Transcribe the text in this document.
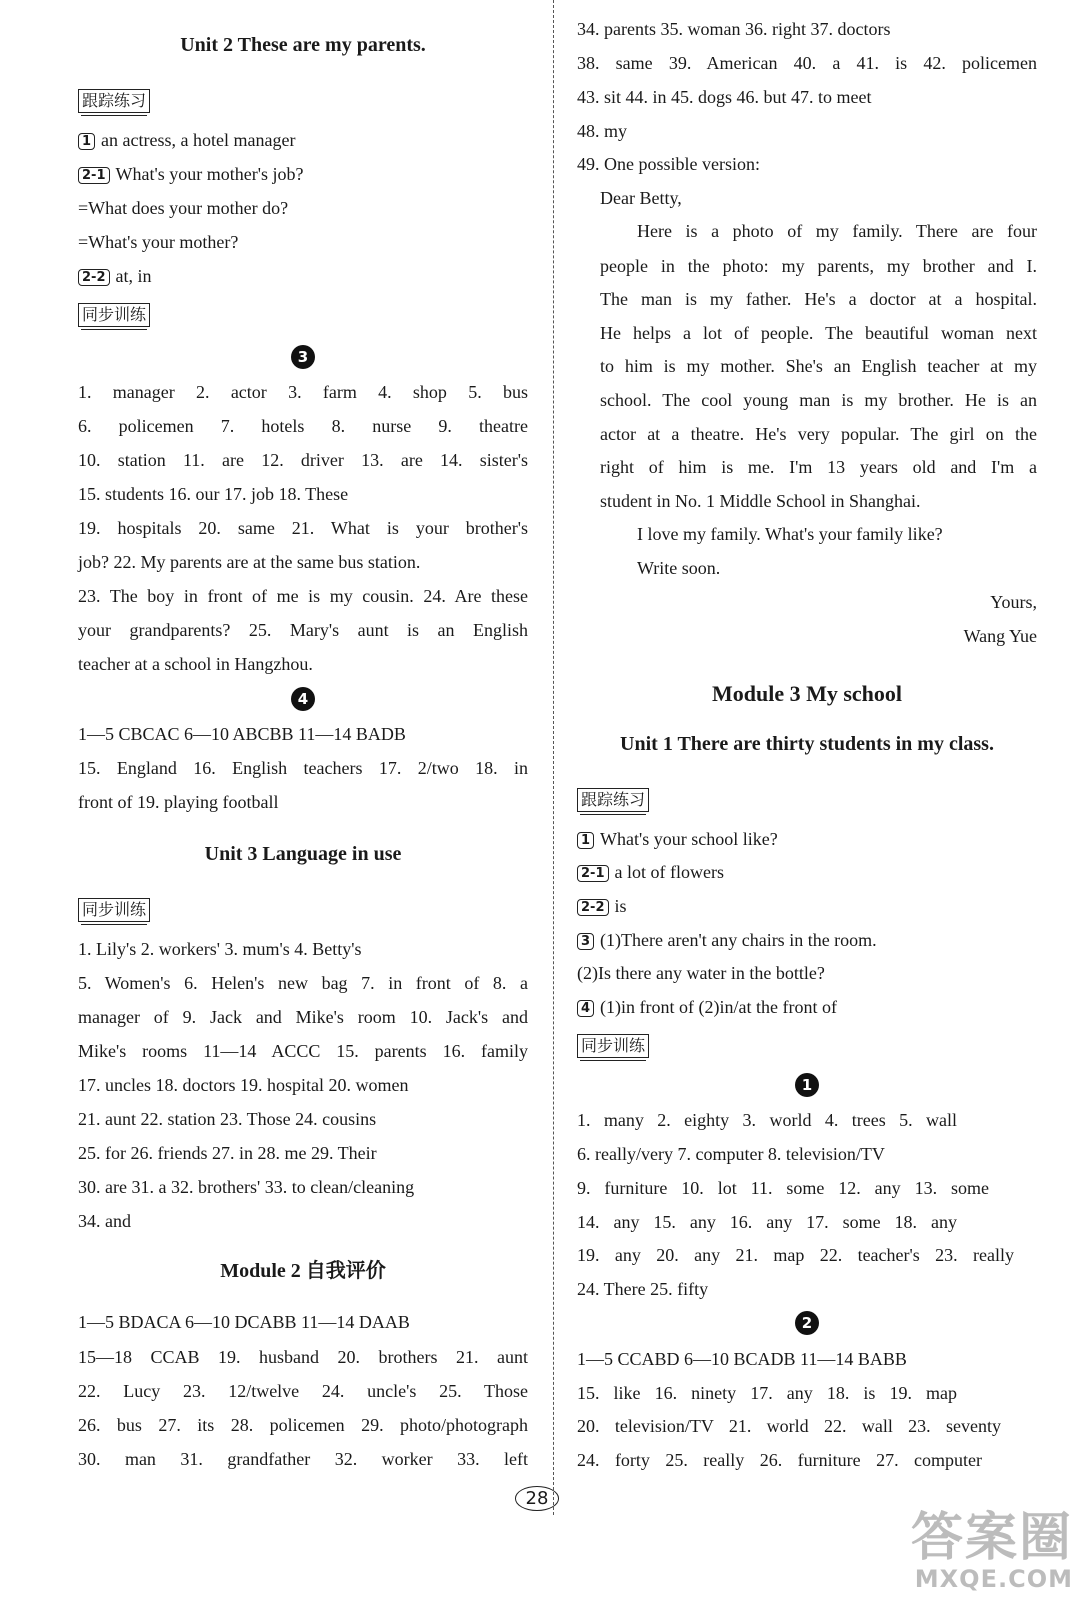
Unit 2 These are my parents.
跟踪练习
1 an actress, a hotel manager
2-1 What's your mother's job?
=What does your mother do?
=What's your mother?
2-2 at, in
同步训练
3
1. manager 2. actor 3. farm 4. shop 5. bus
6. policemen 7. hotels 8. nurse 9. theatre
10. station 11. are 12. driver 13. are 14. sister's
15. students 16. our 17. job 18. These
19. hospitals 20. same 21. What is your brother's
job? 22. My parents are at the same bus station.
23. The boy in front of me is my cousin. 24. Are these
your grandparents? 25. Mary's aunt is an English
teacher at a school in Hangzhou.
4
1—5 CBCAC 6—10 ABCBB 11—14 BADB
15. England 16. English teachers 17. 2/two 18. in
front of 19. playing football
Unit 3 Language in use
同步训练
1. Lily's 2. workers' 3. mum's 4. Betty's
5. Women's 6. Helen's new bag 7. in front of 8. a
manager of 9. Jack and Mike's room 10. Jack's and
Mike's rooms 11—14 ACCC 15. parents 16. family
17. uncles 18. doctors 19. hospital 20. women
21. aunt 22. station 23. Those 24. cousins
25. for 26. friends 27. in 28. me 29. Their
30. are 31. a 32. brothers' 33. to clean/cleaning
34. and
Module 2 自我评价
1—5 BDACA 6—10 DCABB 11—14 DAAB
15—18 CCAB 19. husband 20. brothers 21. aunt
22. Lucy 23. 12/twelve 24. uncle's 25. Those
26. bus 27. its 28. policemen 29. photo/photograph
30. man 31. grandfather 32. worker 33. left
34. parents 35. woman 36. right 37. doctors
38. same 39. American 40. a 41. is 42. policemen
43. sit 44. in 45. dogs 46. but 47. to meet
48. my
49. One possible version:
Dear Betty,
Here is a photo of my family. There are four
people in the photo: my parents, my brother and I.
The man is my father. He's a doctor at a hospital.
He helps a lot of people. The beautiful woman next
to him is my mother. She's an English teacher at my
school. The cool young man is my brother. He is an
actor at a theatre. He's very popular. The girl on the
right of him is me. I'm 13 years old and I'm a
student in No. 1 Middle School in Shanghai.
I love my family. What's your family like?
Write soon.
Yours,
Wang Yue
Module 3 My school
Unit 1 There are thirty students in my class.
跟踪练习
1 What's your school like?
2-1 a lot of flowers
2-2 is
3 (1)There aren't any chairs in the room.
(2)Is there any water in the bottle?
4 (1)in front of (2)in/at the front of
同步训练
1
1. many 2. eighty 3. world 4. trees 5. wall
6. really/very 7. computer 8. television/TV
9. furniture 10. lot 11. some 12. any 13. some
14. any 15. any 16. any 17. some 18. any
19. any 20. any 21. map 22. teacher's 23. really
24. There 25. fifty
2
1—5 CCABD 6—10 BCADB 11—14 BABB
15. like 16. ninety 17. any 18. is 19. map
20. television/TV 21. world 22. wall 23. seventy
24. forty 25. really 26. furniture 27. computer
28
答案圈
MXQE.COM
